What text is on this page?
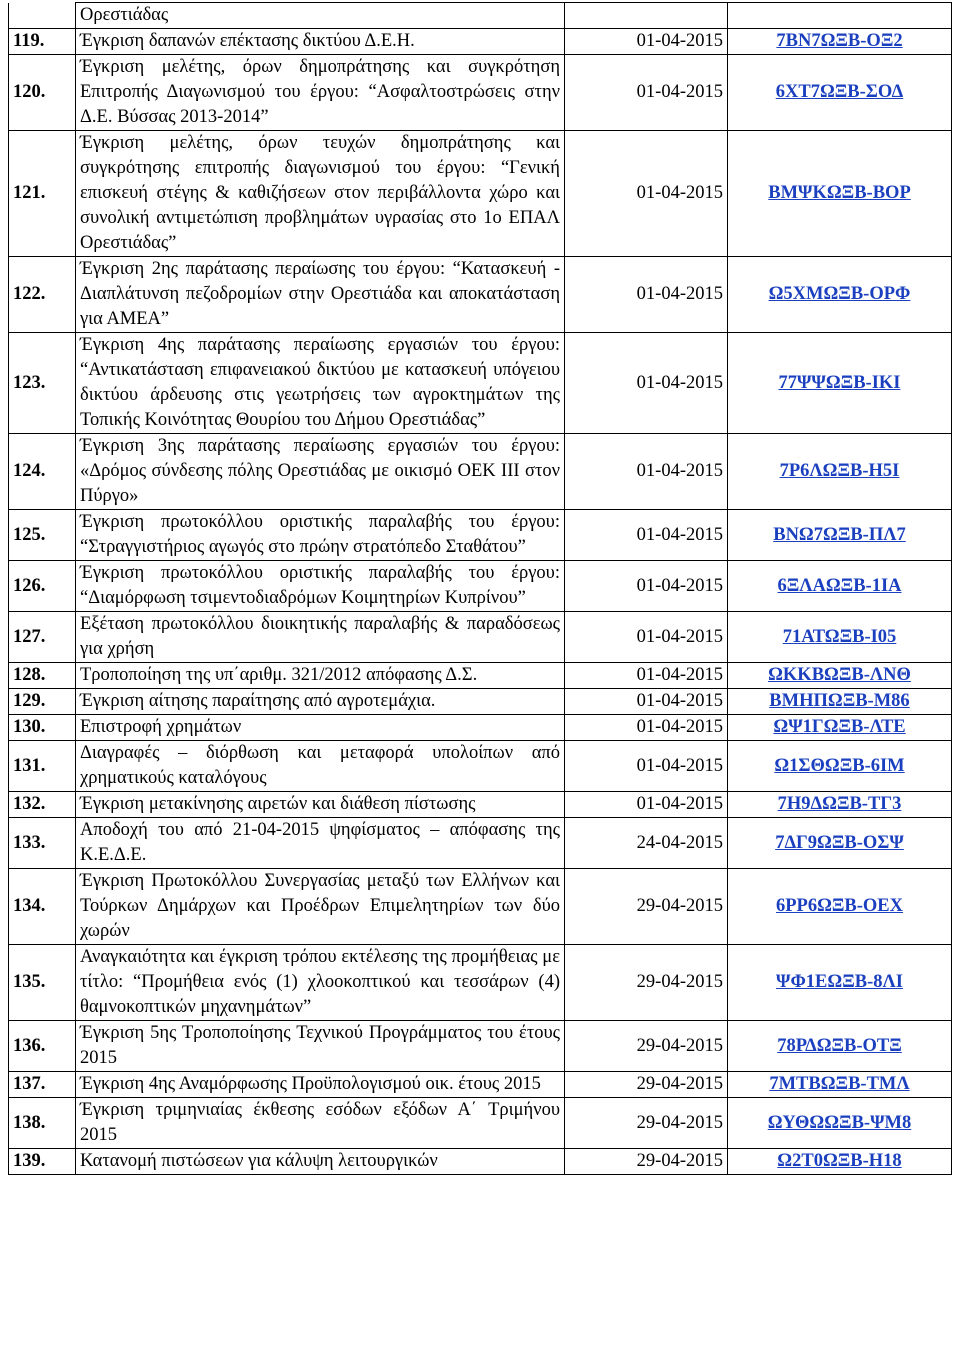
	Ορεστιάδας		
119.	Έγκριση δαπανών επέκτασης δικτύου Δ.Ε.Η.	01-04-2015	7ΒΝ7ΩΞΒ-ΟΞ2
120.	Έγκριση μελέτης, όρων δημοπράτησης και συγκρότηση Επιτροπής Διαγωνισμού του έργου: “Ασφαλτοστρώσεις στην Δ.Ε. Βύσσας 2013-2014”	01-04-2015	6ΧΤ7ΩΞΒ-ΣΟΔ
121.	Έγκριση μελέτης, όρων τευχών δημοπράτησης και συγκρότησης επιτροπής διαγωνισμού του έργου: “Γενική επισκευή στέγης & καθιζήσεων στον περιβάλλοντα χώρο και συνολική αντιμετώπιση προβλημάτων υγρασίας στο 1ο ΕΠΑΛ Ορεστιάδας”	01-04-2015	ΒΜΨΚΩΞΒ-ΒΟΡ
122.	Έγκριση 2ης παράτασης περαίωσης του έργου: “Κατασκευή - Διαπλάτυνση πεζοδρομίων στην Ορεστιάδα και αποκατάσταση για ΑΜΕΑ”	01-04-2015	Ω5ΧΜΩΞΒ-ΟΡΦ
123.	Έγκριση 4ης παράτασης περαίωσης εργασιών του έργου: “Αντικατάσταση επιφανειακού δικτύου με κατασκευή υπόγειου δικτύου άρδευσης στις γεωτρήσεις των αγροκτημάτων της Τοπικής Κοινότητας Θουρίου του Δήμου Ορεστιάδας”	01-04-2015	77ΨΨΩΞΒ-ΙΚΙ
124.	Έγκριση 3ης παράτασης περαίωσης εργασιών του έργου: «Δρόμος σύνδεσης πόλης Ορεστιάδας με οικισμό ΟΕΚ ΙΙΙ στον Πύργο»	01-04-2015	7Ρ6ΛΩΞΒ-Η5Ι
125.	Έγκριση πρωτοκόλλου οριστικής παραλαβής του έργου: “Στραγγιστήριος αγωγός στο πρώην στρατόπεδο Σταθάτου”	01-04-2015	ΒΝΩ7ΩΞΒ-ΠΛ7
126.	Έγκριση πρωτοκόλλου οριστικής παραλαβής του έργου: “Διαμόρφωση τσιμεντοδιαδρόμων Κοιμητηρίων Κυπρίνου”	01-04-2015	6ΞΛΑΩΞΒ-1ΙΑ
127.	Εξέταση πρωτοκόλλου διοικητικής παραλαβής & παραδόσεως για χρήση	01-04-2015	71ΑΤΩΞΒ-Ι05
128.	Τροποποίηση της υπ΄αριθμ. 321/2012 απόφασης Δ.Σ.	01-04-2015	ΩΚΚΒΩΞΒ-ΛΝΘ
129.	Έγκριση αίτησης παραίτησης από αγροτεμάχια.	01-04-2015	ΒΜΗΠΩΞΒ-Μ86
130.	Επιστροφή χρημάτων	01-04-2015	ΩΨ1ΓΩΞΒ-ΛΤΕ
131.	Διαγραφές – διόρθωση και μεταφορά υπολοίπων από χρηματικούς καταλόγους	01-04-2015	Ω1ΣΘΩΞΒ-6ΙΜ
132.	Έγκριση μετακίνησης αιρετών και διάθεση πίστωσης	01-04-2015	7Η9ΔΩΞΒ-ΤΓ3
133.	Αποδοχή του από 21-04-2015 ψηφίσματος – απόφασης της Κ.Ε.Δ.Ε.	24-04-2015	7ΔΓ9ΩΞΒ-ΟΣΨ
134.	Έγκριση Πρωτοκόλλου Συνεργασίας μεταξύ των Ελλήνων και Τούρκων Δημάρχων και Προέδρων Επιμελητηρίων των δύο χωρών	29-04-2015	6ΡΡ6ΩΞΒ-ΟΕΧ
135.	Αναγκαιότητα και έγκριση τρόπου εκτέλεσης της προμήθειας με τίτλο: “Προμήθεια ενός (1) χλοοκοπτικού και τεσσάρων (4) θαμνοκοπτικών μηχανημάτων”	29-04-2015	ΨΦ1ΕΩΞΒ-8ΛΙ
136.	Έγκριση 5ης Τροποποίησης Τεχνικού Προγράμματος του έτους 2015	29-04-2015	78ΡΔΩΞΒ-ΟΤΞ
137.	Έγκριση 4ης Αναμόρφωσης Προϋπολογισμού οικ. έτους 2015	29-04-2015	7ΜΤΒΩΞΒ-ΤΜΛ
138.	Έγκριση τριμηνιαίας έκθεσης εσόδων εξόδων Α΄ Τριμήνου 2015	29-04-2015	ΩΥΘΩΩΞΒ-ΨΜ8
139.	Κατανομή πιστώσεων για κάλυψη λειτουργικών	29-04-2015	Ω2Τ0ΩΞΒ-Η18
